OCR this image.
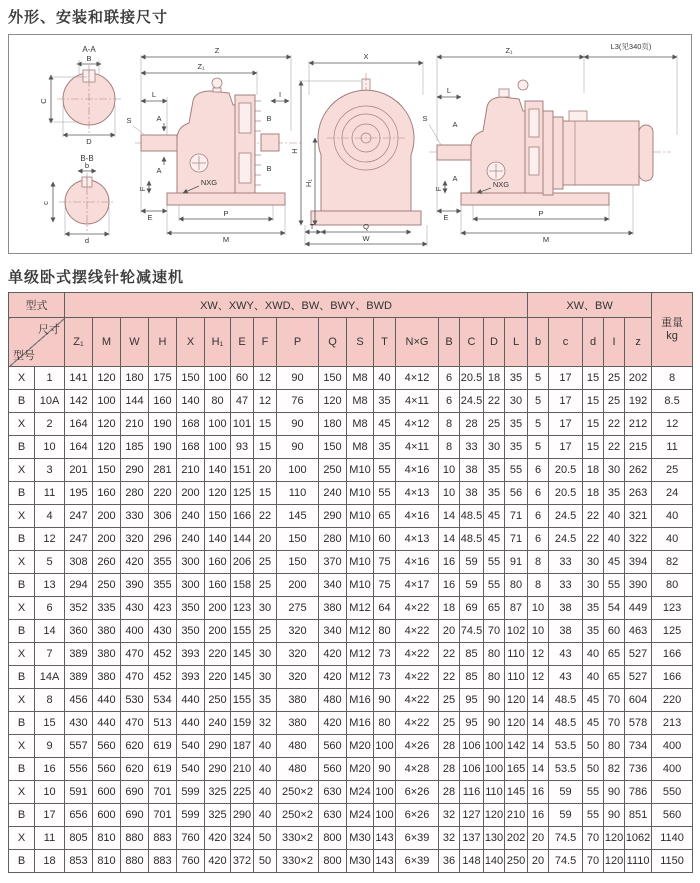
外形、安装和联接尺寸
A-A
B
C
D
B-B
b
c
d
Z
Z₁
L	I
S	A
A
B
B
NXG
F
E	P
M
X
H
H₁
T	Q
W
Z₁	L3(见340页)
L
S
A
A
NXG
F
E	P
M
单级卧式摆线针轮减速机
型式		XW、XWY、XWD、BW、BWY、BWD																	XW、BW					重量
kg

尺寸
型号		Z₁	M	W	H	X	H₁	E	F	P	Q	S	T	N×G	B	C	D	L	b	c	d	I	z	
X	1	141	120	180	175	150	100	60	12	90	150	M8	40	4×12	6	20.5	18	35	5	17	15	25	202	8
B	10A	142	100	144	160	140	80	47	12	76	120	M8	35	4×11	6	24.5	22	30	5	17	15	25	192	8.5
X	2	164	120	210	190	168	100	101	15	90	180	M8	45	4×12	8	28	25	35	5	17	15	22	212	12
B	10	164	120	185	190	168	100	93	15	90	150	M8	35	4×11	8	33	30	35	5	17	15	22	215	11
X	3	201	150	290	281	210	140	151	20	100	250	M10	55	4×16	10	38	35	55	6	20.5	18	30	262	25
B	11	195	160	280	220	200	120	125	15	110	240	M10	55	4×13	10	38	35	56	6	20.5	18	35	263	24
X	4	247	200	330	306	240	150	166	22	145	290	M10	65	4×16	14	48.5	45	71	6	24.5	22	40	321	40
B	12	247	200	320	296	240	140	144	20	150	280	M10	60	4×13	14	48.5	45	71	6	24.5	22	40	322	40
X	5	308	260	420	355	300	160	206	25	150	370	M10	75	4×16	16	59	55	91	8	33	30	45	394	82
B	13	294	250	390	355	300	160	158	25	200	340	M10	75	4×17	16	59	55	80	8	33	30	55	390	80
X	6	352	335	430	423	350	200	123	30	275	380	M12	64	4×22	18	69	65	87	10	38	35	54	449	123
B	14	360	380	400	430	350	200	155	25	320	340	M12	80	4×22	20	74.5	70	102	10	38	35	60	463	125
X	7	389	380	470	452	393	220	145	30	320	420	M12	73	4×22	22	85	80	110	12	43	40	65	527	166
B	14A	389	380	470	452	393	220	145	30	320	420	M12	73	4×22	22	85	80	110	12	43	40	65	527	166
X	8	456	440	530	534	440	250	155	35	380	480	M16	90	4×22	25	95	90	120	14	48.5	45	70	604	220
B	15	430	440	470	513	440	240	159	32	380	420	M16	80	4×22	25	95	90	120	14	48.5	45	70	578	213
X	9	557	560	620	619	540	290	187	40	480	560	M20	100	4×26	28	106	100	142	14	53.5	50	80	734	400
B	16	556	560	620	619	540	290	210	40	480	560	M20	90	4×28	28	106	100	165	14	53.5	50	82	736	400
X	10	591	600	690	701	599	325	225	40	250×2	630	M24	100	6×26	28	116	110	145	16	59	55	90	786	550
B	17	656	600	690	701	599	325	290	40	250×2	630	M24	100	6×26	32	127	120	210	16	59	55	90	851	560
X	11	805	810	880	883	760	420	324	50	330×2	800	M30	143	6×39	32	137	130	202	20	74.5	70	120	1062	1140
B	18	853	810	880	883	760	420	372	50	330×2	800	M30	143	6×39	36	148	140	250	20	74.5	70	120	1110	1150
